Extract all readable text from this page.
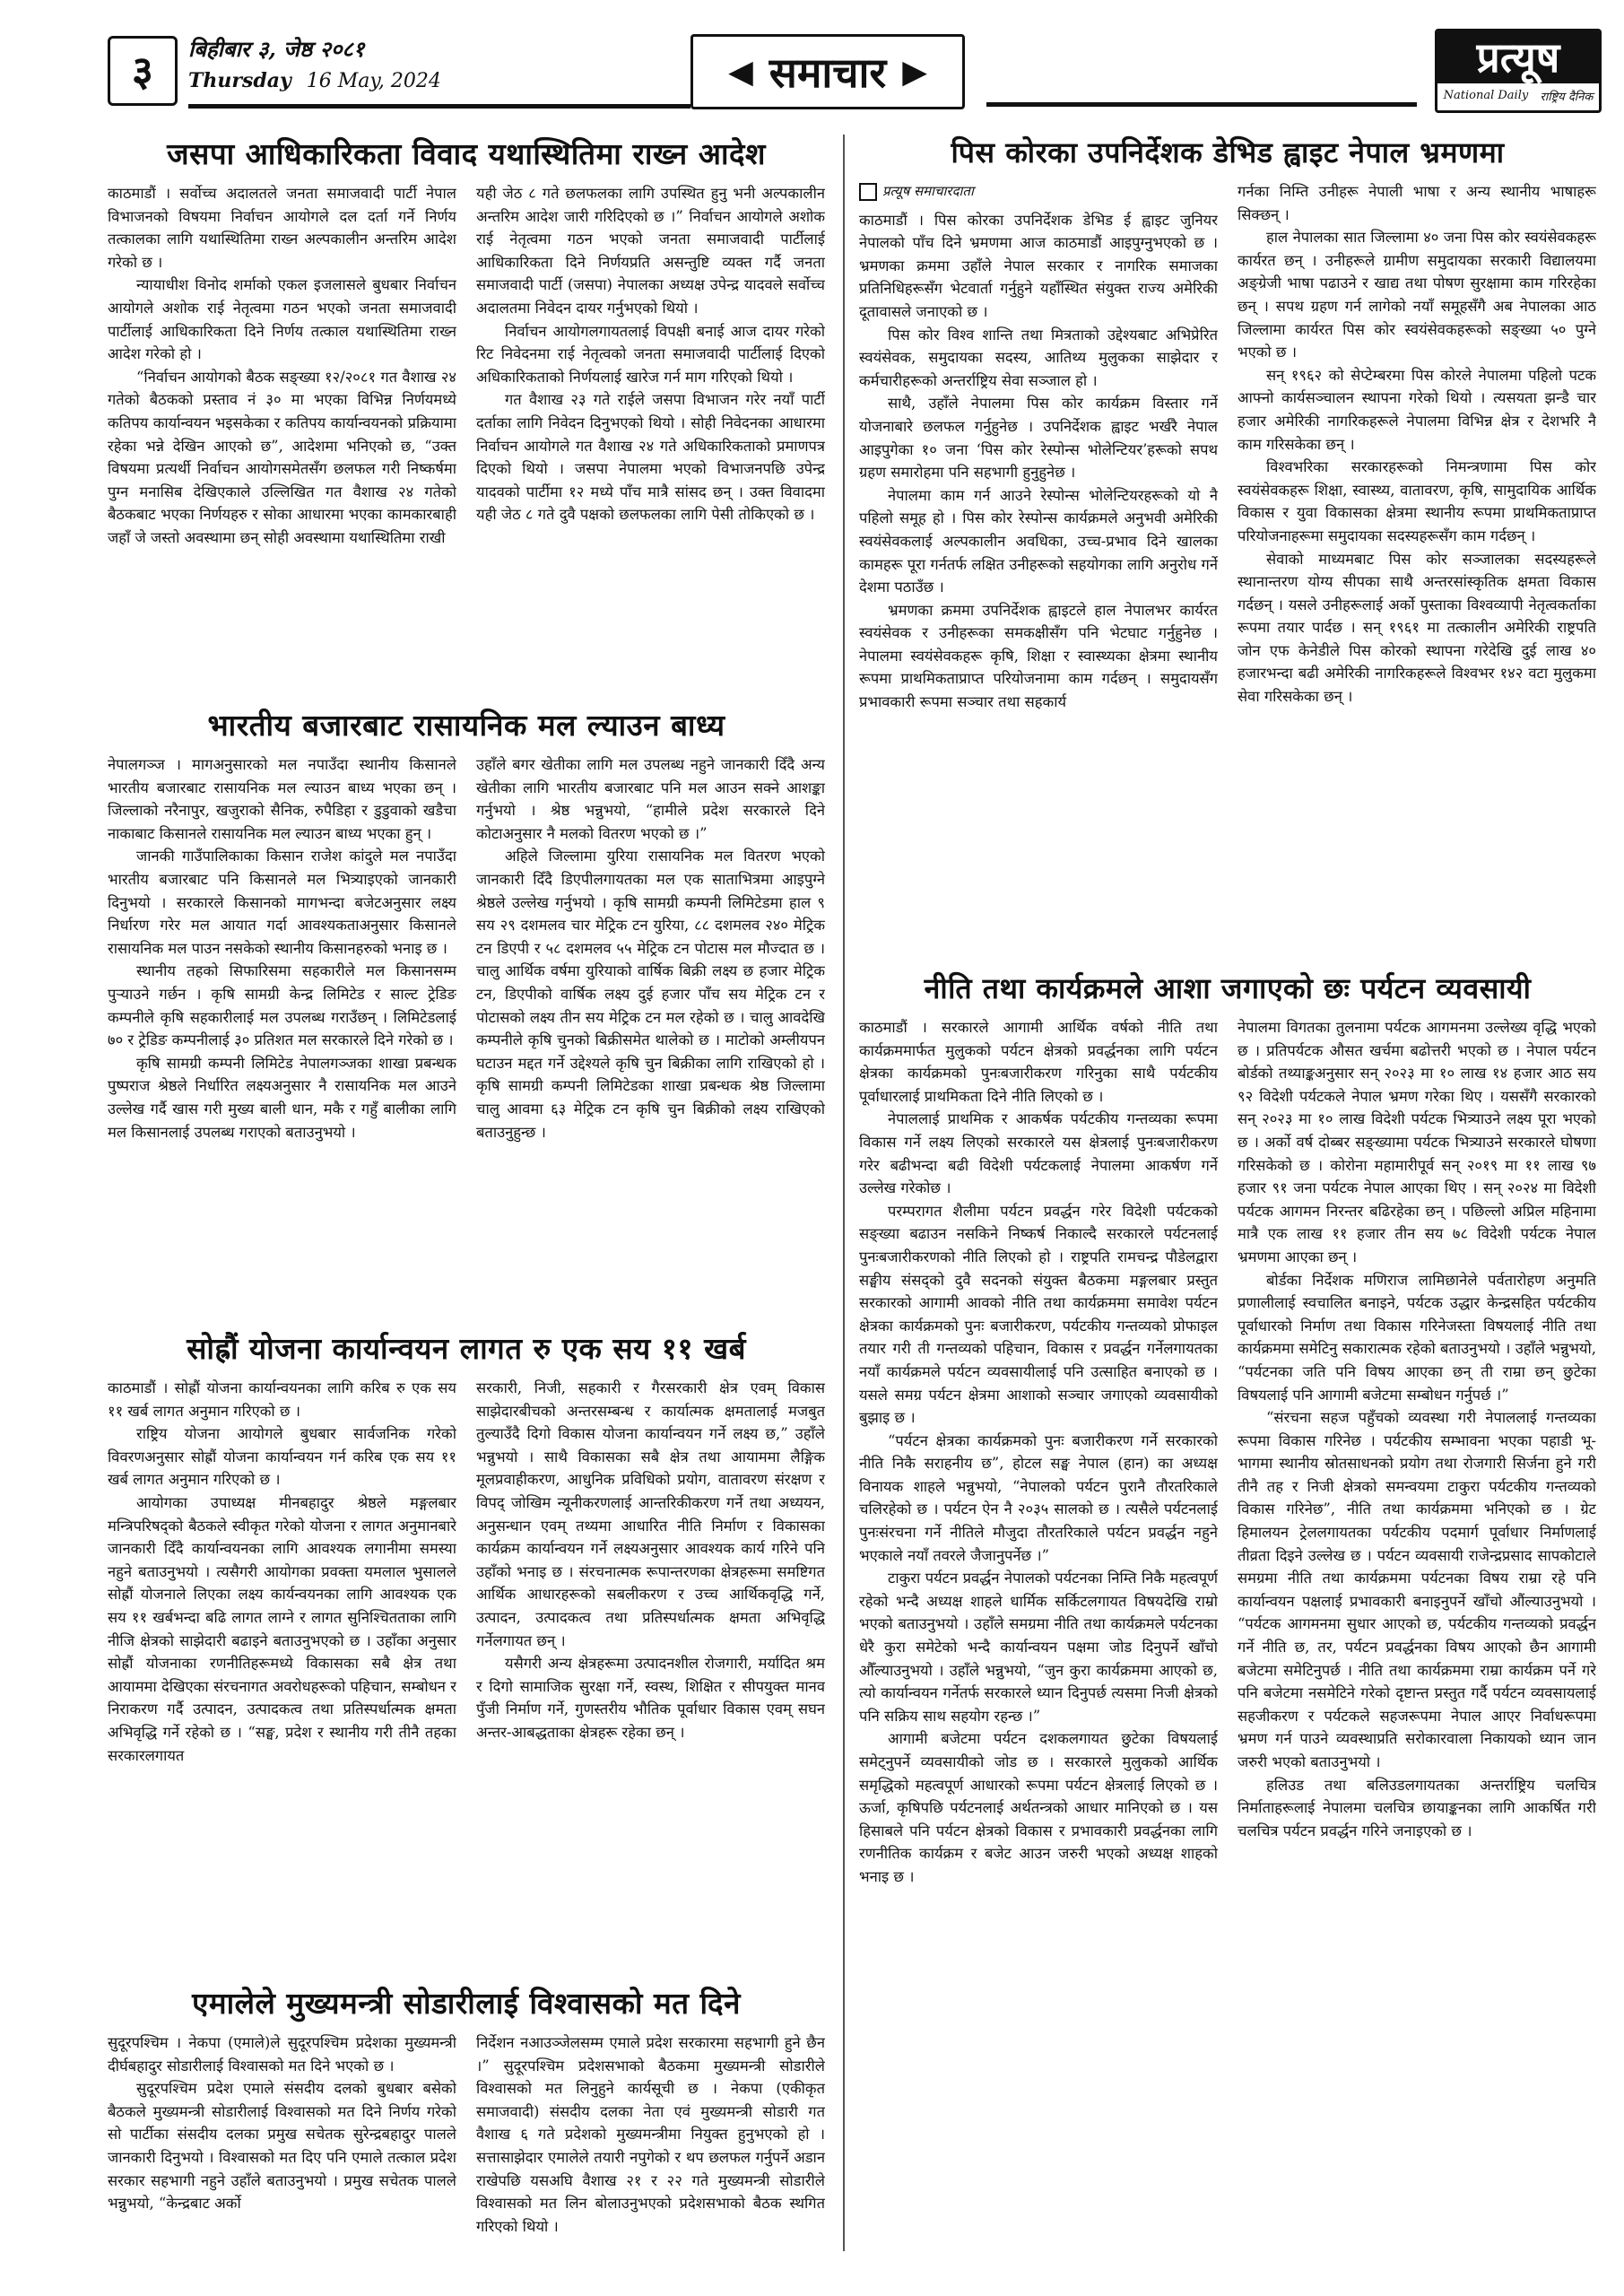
३	बिहीबार ३, जेष्ठ २०८१
Thursday 16 May, 2024	◀ समाचार ▶	प्रत्यूष
National Daily राष्ट्रिय दैनिक
जसपा आधिकारिकता विवाद यथास्थितिमा राख्न आदेश

काठमाडौं । सर्वोच्च अदालतले जनता समाजवादी पार्टी नेपाल विभाजनको विषयमा निर्वाचन आयोगले दल दर्ता गर्ने निर्णय तत्कालका लागि यथास्थितिमा राख्न अल्पकालीन अन्तरिम आदेश गरेको छ ।

न्यायाधीश विनोद शर्माको एकल इजलासले बुधबार निर्वाचन आयोगले अशोक राई नेतृत्वमा गठन भएको जनता समाजवादी पार्टीलाई आधिकारिकता दिने निर्णय तत्काल यथास्थितिमा राख्न आदेश गरेको हो ।

“निर्वाचन आयोगको बैठक सङ्ख्या १२/२०८१ गत वैशाख २४ गतेको बैठकको प्रस्ताव नं ३० मा भएका विभिन्न निर्णयमध्ये कतिपय कार्यान्वयन भइसकेका र कतिपय कार्यान्वयनको प्रक्रियामा रहेका भन्ने देखिन आएको छ”, आदेशमा भनिएको छ, “उक्त विषयमा प्रत्यर्थी निर्वाचन आयोगसमेतसँग छलफल गरी निष्कर्षमा पुग्न मनासिब देखिएकाले उल्लिखित गत वैशाख २४ गतेको बैठकबाट भएका निर्णयहरु र सोका आधारमा भएका कामकारबाही जहाँ जे जस्तो अवस्थामा छन् सोही अवस्थामा यथास्थितिमा राखी

यही जेठ ८ गते छलफलका लागि उपस्थित हुनु भनी अल्पकालीन अन्तरिम आदेश जारी गरिदिएको छ ।” निर्वाचन आयोगले अशोक राई नेतृत्वमा गठन भएको जनता समाजवादी पार्टीलाई आधिकारिकता दिने निर्णयप्रति असन्तुष्टि व्यक्त गर्दै जनता समाजवादी पार्टी (जसपा) नेपालका अध्यक्ष उपेन्द्र यादवले सर्वोच्च अदालतमा निवेदन दायर गर्नुभएको थियो ।

निर्वाचन आयोगलगायतलाई विपक्षी बनाई आज दायर गरेको रिट निवेदनमा राई नेतृत्वको जनता समाजवादी पार्टीलाई दिएको अधिकारिकताको निर्णयलाई खारेज गर्न माग गरिएको थियो ।

गत वैशाख २३ गते राईले जसपा विभाजन गरेर नयाँ पार्टी दर्ताका लागि निवेदन दिनुभएको थियो । सोही निवेदनका आधारमा निर्वाचन आयोगले गत वैशाख २४ गते अधिकारिकताको प्रमाणपत्र दिएको थियो । जसपा नेपालमा भएको विभाजनपछि उपेन्द्र यादवको पार्टीमा १२ मध्ये पाँच मात्रै सांसद छन् । उक्त विवादमा यही जेठ ८ गते दुवै पक्षको छलफलका लागि पेसी तोकिएको छ ।

भारतीय बजारबाट रासायनिक मल ल्याउन बाध्य

नेपालगञ्ज । मागअनुसारको मल नपाउँदा स्थानीय किसानले भारतीय बजारबाट रासायनिक मल ल्याउन बाध्य भएका छन् । जिल्लाको नरैनापुर, खजुराको सैनिक, रुपैडिहा र डुडुवाको खडैचा नाकाबाट किसानले रासायनिक मल ल्याउन बाध्य भएका हुन् ।

जानकी गाउँपालिकाका किसान राजेश कांदुले मल नपाउँदा भारतीय बजारबाट पनि किसानले मल भित्र्याइएको जानकारी दिनुभयो । सरकारले किसानको मागभन्दा बजेटअनुसार लक्ष्य निर्धारण गरेर मल आयात गर्दा आवश्यकताअनुसार किसानले रासायनिक मल पाउन नसकेको स्थानीय किसानहरुको भनाइ छ ।

स्थानीय तहको सिफारिसमा सहकारीले मल किसानसम्म पुऱ्याउने गर्छन । कृषि सामग्री केन्द्र लिमिटेड र साल्ट ट्रेडिङ कम्पनीले कृषि सहकारीलाई मल उपलब्ध गराउँछन् । लिमिटेडलाई ७० र ट्रेडिङ कम्पनीलाई ३० प्रतिशत मल सरकारले दिने गरेको छ ।

कृषि सामग्री कम्पनी लिमिटेड नेपालगञ्जका शाखा प्रबन्धक पुष्पराज श्रेष्ठले निर्धारित लक्ष्यअनुसार नै रासायनिक मल आउने उल्लेख गर्दै खास गरी मुख्य बाली धान, मकै र गहुँ बालीका लागि मल किसानलाई उपलब्ध गराएको बताउनुभयो ।

उहाँले बगर खेतीका लागि मल उपलब्ध नहुने जानकारी दिँदै अन्य खेतीका लागि भारतीय बजारबाट पनि मल आउन सक्ने आशङ्का गर्नुभयो । श्रेष्ठ भन्नुभयो, “हामीले प्रदेश सरकारले दिने कोटाअनुसार नै मलको वितरण भएको छ ।”

अहिले जिल्लामा युरिया रासायनिक मल वितरण भएको जानकारी दिँदै डिएपीलगायतका मल एक साताभित्रमा आइपुग्ने श्रेष्ठले उल्लेख गर्नुभयो । कृषि सामग्री कम्पनी लिमिटेडमा हाल ९ सय २९ दशमलव चार मेट्रिक टन युरिया, ८८ दशमलव २४० मेट्रिक टन डिएपी र ५८ दशमलव ५५ मेट्रिक टन पोटास मल मौज्दात छ । चालु आर्थिक वर्षमा युरियाको वार्षिक बिक्री लक्ष्य छ हजार मेट्रिक टन, डिएपीको वार्षिक लक्ष्य दुई हजार पाँच सय मेट्रिक टन र पोटासको लक्ष्य तीन सय मेट्रिक टन मल रहेको छ । चालु आवदेखि कम्पनीले कृषि चुनको बिक्रीसमेत थालेको छ । माटोको अम्लीयपन घटाउन मद्दत गर्ने उद्देश्यले कृषि चुन बिक्रीका लागि राखिएको हो । कृषि सामग्री कम्पनी लिमिटेडका शाखा प्रबन्धक श्रेष्ठ जिल्लामा चालु आवमा ६३ मेट्रिक टन कृषि चुन बिक्रीको लक्ष्य राखिएको बताउनुहुन्छ ।

सोह्रौं योजना कार्यान्वयन लागत रु एक सय ११ खर्ब

काठमाडौं । सोह्रौं योजना कार्यान्वयनका लागि करिब रु एक सय ११ खर्ब लागत अनुमान गरिएको छ ।

राष्ट्रिय योजना आयोगले बुधबार सार्वजनिक गरेको विवरणअनुसार सोह्रौं योजना कार्यान्वयन गर्न करिब एक सय ११ खर्ब लागत अनुमान गरिएको छ ।

आयोगका उपाध्यक्ष मीनबहादुर श्रेष्ठले मङ्गलबार मन्त्रिपरिषद्को बैठकले स्वीकृत गरेको योजना र लागत अनुमानबारे जानकारी दिँदै कार्यान्वयनका लागि आवश्यक लगानीमा समस्या नहुने बताउनुभयो । त्यसैगरी आयोगका प्रवक्ता यमलाल भुसालले सोह्रौं योजनाले लिएका लक्ष्य कार्यन्वयनका लागि आवश्यक एक सय ११ खर्बभन्दा बढि लागत लाग्ने र लागत सुनिश्चितताका लागि नीजि क्षेत्रको साझेदारी बढाइने बताउनुभएको छ । उहाँका अनुसार सोह्रौं योजनाका रणनीतिहरूमध्ये विकासका सबै क्षेत्र तथा आयाममा देखिएका संरचनागत अवरोधहरूको पहिचान, सम्बोधन र निराकरण गर्दै उत्पादन, उत्पादकत्व तथा प्रतिस्पर्धात्मक क्षमता अभिवृद्धि गर्ने रहेको छ । “सङ्घ, प्रदेश र स्थानीय गरी तीनै तहका सरकारलगायत

सरकारी, निजी, सहकारी र गैरसरकारी क्षेत्र एवम् विकास साझेदारबीचको अन्तरसम्बन्ध र कार्यात्मक क्षमतालाई मजबुत तुल्याउँदै दिगो विकास योजना कार्यान्वयन गर्ने लक्ष्य छ,” उहाँले भन्नुभयो । साथै विकासका सबै क्षेत्र तथा आयाममा लैङ्गिक मूलप्रवाहीकरण, आधुनिक प्रविधिको प्रयोग, वातावरण संरक्षण र विपद् जोखिम न्यूनीकरणलाई आन्तरिकीकरण गर्ने तथा अध्ययन, अनुसन्धान एवम् तथ्यमा आधारित नीति निर्माण र विकासका कार्यक्रम कार्यान्वयन गर्ने लक्ष्यअनुसार आवश्यक कार्य गरिने पनि उहाँको भनाइ छ । संरचनात्मक रूपान्तरणका क्षेत्रहरूमा समष्टिगत आर्थिक आधारहरूको सबलीकरण र उच्च आर्थिकवृद्धि गर्ने, उत्पादन, उत्पादकत्व तथा प्रतिस्पर्धात्मक क्षमता अभिवृद्धि गर्नेलगायत छन् ।

यसैगरी अन्य क्षेत्रहरूमा उत्पादनशील रोजगारी, मर्यादित श्रम र दिगो सामाजिक सुरक्षा गर्ने, स्वस्थ, शिक्षित र सीपयुक्त मानव पुँजी निर्माण गर्ने, गुणस्तरीय भौतिक पूर्वाधार विकास एवम् सघन अन्तर-आबद्धताका क्षेत्रहरू रहेका छन् ।

एमालेले मुख्यमन्त्री सोडारीलाई विश्वासको मत दिने

सुदूरपश्चिम । नेकपा (एमाले)ले सुदूरपश्चिम प्रदेशका मुख्यमन्त्री दीर्घबहादुर सोडारीलाई विश्वासको मत दिने भएको छ ।

सुदूरपश्चिम प्रदेश एमाले संसदीय दलको बुधबार बसेको बैठकले मुख्यमन्त्री सोडारीलाई विश्वासको मत दिने निर्णय गरेको सो पार्टीका संसदीय दलका प्रमुख सचेतक सुरेन्द्रबहादुर पालले जानकारी दिनुभयो । विश्वासको मत दिए पनि एमाले तत्काल प्रदेश सरकार सहभागी नहुने उहाँले बताउनुभयो । प्रमुख सचेतक पालले भन्नुभयो, “केन्द्रबाट अर्को

निर्देशन नआउञ्जेलसम्म एमाले प्रदेश सरकारमा सहभागी हुने छैन ।” सुदूरपश्चिम प्रदेशसभाको बैठकमा मुख्यमन्त्री सोडारीले विश्वासको मत लिनुहुने कार्यसूची छ । नेकपा (एकीकृत समाजवादी) संसदीय दलका नेता एवं मुख्यमन्त्री सोडारी गत वैशाख ६ गते प्रदेशको मुख्यमन्त्रीमा नियुक्त हुनुभएको हो । सत्तासाझेदार एमालेले तयारी नपुगेको र थप छलफल गर्नुपर्ने अडान राखेपछि यसअघि वैशाख २१ र २२ गते मुख्यमन्त्री सोडारीले विश्वासको मत लिन बोलाउनुभएको प्रदेशसभाको बैठक स्थगित गरिएको थियो ।

पिस कोरका उपनिर्देशक डेभिड ह्वाइट नेपाल भ्रमणमा
प्रत्यूष समाचारदाता

काठमाडौं । पिस कोरका उपनिर्देशक डेभिड ई ह्वाइट जुनियर नेपालको पाँच दिने भ्रमणमा आज काठमाडौं आइपुग्नुभएको छ । भ्रमणका क्रममा उहाँले नेपाल सरकार र नागरिक समाजका प्रतिनिधिहरूसँग भेटवार्ता गर्नुहुने यहाँस्थित संयुक्त राज्य अमेरिकी दूतावासले जनाएको छ ।

पिस कोर विश्व शान्ति तथा मित्रताको उद्देश्यबाट अभिप्रेरित स्वयंसेवक, समुदायका सदस्य, आतिथ्य मुलुकका साझेदार र कर्मचारीहरूको अन्तर्राष्ट्रिय सेवा सञ्जाल हो ।

साथै, उहाँले नेपालमा पिस कोर कार्यक्रम विस्तार गर्ने योजनाबारे छलफल गर्नुहुनेछ । उपनिर्देशक ह्वाइट भर्खरै नेपाल आइपुगेका १० जना ‘पिस कोर रेस्पोन्स भोलेन्टियर’हरूको सपथ ग्रहण समारोहमा पनि सहभागी हुनुहुनेछ ।

नेपालमा काम गर्न आउने रेस्पोन्स भोलेन्टियरहरूको यो नै पहिलो समूह हो । पिस कोर रेस्पोन्स कार्यक्रमले अनुभवी अमेरिकी स्वयंसेवकलाई अल्पकालीन अवधिका, उच्च-प्रभाव दिने खालका कामहरू पूरा गर्नतर्फ लक्षित उनीहरूको सहयोगका लागि अनुरोध गर्ने देशमा पठाउँछ ।

भ्रमणका क्रममा उपनिर्देशक ह्वाइटले हाल नेपालभर कार्यरत स्वयंसेवक र उनीहरूका समकक्षीसँग पनि भेटघाट गर्नुहुनेछ । नेपालमा स्वयंसेवकहरू कृषि, शिक्षा र स्वास्थ्यका क्षेत्रमा स्थानीय रूपमा प्राथमिकताप्राप्त परियोजनामा काम गर्दछन् । समुदायसँग प्रभावकारी रूपमा सञ्चार तथा सहकार्य

गर्नका निम्ति उनीहरू नेपाली भाषा र अन्य स्थानीय भाषाहरू सिक्छन् ।

हाल नेपालका सात जिल्लामा ४० जना पिस कोर स्वयंसेवकहरू कार्यरत छन् । उनीहरूले ग्रामीण समुदायका सरकारी विद्यालयमा अङ्ग्रेजी भाषा पढाउने र खाद्य तथा पोषण सुरक्षामा काम गरिरहेका छन् । सपथ ग्रहण गर्न लागेको नयाँ समूहसँगै अब नेपालका आठ जिल्लामा कार्यरत पिस कोर स्वयंसेवकहरूको सङ्ख्या ५० पुग्ने भएको छ ।

सन् १९६२ को सेप्टेम्बरमा पिस कोरले नेपालमा पहिलो पटक आफ्नो कार्यसञ्चालन स्थापना गरेको थियो । त्यसयता झन्डै चार हजार अमेरिकी नागरिकहरूले नेपालमा विभिन्न क्षेत्र र देशभरि नै काम गरिसकेका छन् ।

विश्वभरिका सरकारहरूको निमन्त्रणामा पिस कोर स्वयंसेवकहरू शिक्षा, स्वास्थ्य, वातावरण, कृषि, सामुदायिक आर्थिक विकास र युवा विकासका क्षेत्रमा स्थानीय रूपमा प्राथमिकताप्राप्त परियोजनाहरूमा समुदायका सदस्यहरूसँग काम गर्दछन् ।

सेवाको माध्यमबाट पिस कोर सञ्जालका सदस्यहरूले स्थानान्तरण योग्य सीपका साथै अन्तरसांस्कृतिक क्षमता विकास गर्दछन् । यसले उनीहरूलाई अर्को पुस्ताका विश्वव्यापी नेतृत्वकर्ताका रूपमा तयार पार्दछ । सन् १९६१ मा तत्कालीन अमेरिकी राष्ट्रपति जोन एफ केनेडीले पिस कोरको स्थापना गरेदेखि दुई लाख ४० हजारभन्दा बढी अमेरिकी नागरिकहरूले विश्वभर १४२ वटा मुलुकमा सेवा गरिसकेका छन् ।

नीति तथा कार्यक्रमले आशा जगाएको छः पर्यटन व्यवसायी

काठमाडौं । सरकारले आगामी आर्थिक वर्षको नीति तथा कार्यक्रममार्फत मुलुकको पर्यटन क्षेत्रको प्रवर्द्धनका लागि पर्यटन क्षेत्रका कार्यक्रमको पुनःबजारीकरण गरिनुका साथै पर्यटकीय पूर्वाधारलाई प्राथमिकता दिने नीति लिएको छ ।

नेपाललाई प्राथमिक र आकर्षक पर्यटकीय गन्तव्यका रूपमा विकास गर्ने लक्ष्य लिएको सरकारले यस क्षेत्रलाई पुनःबजारीकरण गरेर बढीभन्दा बढी विदेशी पर्यटकलाई नेपालमा आकर्षण गर्ने उल्लेख गरेकोछ ।

परम्परागत शैलीमा पर्यटन प्रवर्द्धन गरेर विदेशी पर्यटकको सङ्ख्या बढाउन नसकिने निष्कर्ष निकाल्दै सरकारले पर्यटनलाई पुनःबजारीकरणको नीति लिएको हो । राष्ट्रपति रामचन्द्र पौडेलद्वारा सङ्घीय संसद्को दुवै सदनको संयुक्त बैठकमा मङ्गलबार प्रस्तुत सरकारको आगामी आवको नीति तथा कार्यक्रममा समावेश पर्यटन क्षेत्रका कार्यक्रमको पुनः बजारीकरण, पर्यटकीय गन्तव्यको प्रोफाइल तयार गरी ती गन्तव्यको पहिचान, विकास र प्रवर्द्धन गर्नेलगायतका नयाँ कार्यक्रमले पर्यटन व्यवसायीलाई पनि उत्साहित बनाएको छ । यसले समग्र पर्यटन क्षेत्रमा आशाको सञ्चार जगाएको व्यवसायीको बुझाइ छ ।

“पर्यटन क्षेत्रका कार्यक्रमको पुनः बजारीकरण गर्ने सरकारको नीति निकै सराहनीय छ”, होटल सङ्घ नेपाल (हान) का अध्यक्ष विनायक शाहले भन्नुभयो, “नेपालको पर्यटन पुरानै तौरतरिकाले चलिरहेको छ । पर्यटन ऐन नै २०३५ सालको छ । त्यसैले पर्यटनलाई पुनःसंरचना गर्ने नीतिले मौजुदा तौरतरिकाले पर्यटन प्रवर्द्धन नहुने भएकाले नयाँ तवरले जैजानुपर्नेछ ।”

टाकुरा पर्यटन प्रवर्द्धन नेपालको पर्यटनका निम्ति निकै महत्वपूर्ण रहेको भन्दै अध्यक्ष शाहले धार्मिक सर्किटलगायत विषयदेखि राम्रो भएको बताउनुभयो । उहाँले समग्रमा नीति तथा कार्यक्रमले पर्यटनका धेरै कुरा समेटेको भन्दै कार्यान्वयन पक्षमा जोड दिनुपर्ने खाँचो औँल्याउनुभयो । उहाँले भन्नुभयो, “जुन कुरा कार्यक्रममा आएको छ, त्यो कार्यान्वयन गर्नेतर्फ सरकारले ध्यान दिनुपर्छ त्यसमा निजी क्षेत्रको पनि सक्रिय साथ सहयोग रहन्छ ।”

आगामी बजेटमा पर्यटन दशकलगायत छुटेका विषयलाई समेट्नुपर्ने व्यवसायीको जोड छ । सरकारले मुलुकको आर्थिक समृद्धिको महत्वपूर्ण आधारको रूपमा पर्यटन क्षेत्रलाई लिएको छ । ऊर्जा, कृषिपछि पर्यटनलाई अर्थतन्त्रको आधार मानिएको छ । यस हिसाबले पनि पर्यटन क्षेत्रको विकास र प्रभावकारी प्रवर्द्धनका लागि रणनीतिक कार्यक्रम र बजेट आउन जरुरी भएको अध्यक्ष शाहको भनाइ छ ।

नेपालमा विगतका तुलनामा पर्यटक आगमनमा उल्लेख्य वृद्धि भएको छ । प्रतिपर्यटक औसत खर्चमा बढोत्तरी भएको छ । नेपाल पर्यटन बोर्डको तथ्याङ्कअनुसार सन् २०२३ मा १० लाख १४ हजार आठ सय ९२ विदेशी पर्यटकले नेपाल भ्रमण गरेका थिए । यससँगै सरकारको सन् २०२३ मा १० लाख विदेशी पर्यटक भित्र्याउने लक्ष्य पूरा भएको छ । अर्को वर्ष दोब्बर सङ्ख्यामा पर्यटक भित्र्याउने सरकारले घोषणा गरिसकेको छ । कोरोना महामारीपूर्व सन् २०१९ मा ११ लाख ९७ हजार ९१ जना पर्यटक नेपाल आएका थिए । सन् २०२४ मा विदेशी पर्यटक आगमन निरन्तर बढिरहेका छन् । पछिल्लो अप्रिल महिनामा मात्रै एक लाख ११ हजार तीन सय ७८ विदेशी पर्यटक नेपाल भ्रमणमा आएका छन् ।

बोर्डका निर्देशक मणिराज लामिछानेले पर्वतारोहण अनुमति प्रणालीलाई स्वचालित बनाइने, पर्यटक उद्धार केन्द्रसहित पर्यटकीय पूर्वाधारको निर्माण तथा विकास गरिनेजस्ता विषयलाई नीति तथा कार्यक्रममा समेटिनु सकारात्मक रहेको बताउनुभयो । उहाँले भन्नुभयो, “पर्यटनका जति पनि विषय आएका छन् ती राम्रा छन् छुटेका विषयलाई पनि आगामी बजेटमा सम्बोधन गर्नुपर्छ ।”

“संरचना सहज पहुँचको व्यवस्था गरी नेपाललाई गन्तव्यका रूपमा विकास गरिनेछ । पर्यटकीय सम्भावना भएका पहाडी भू-भागमा स्थानीय स्रोतसाधनको प्रयोग तथा रोजगारी सिर्जना हुने गरी तीनै तह र निजी क्षेत्रको समन्वयमा टाकुरा पर्यटकीय गन्तव्यको विकास गरिनेछ”, नीति तथा कार्यक्रममा भनिएको छ । ग्रेट हिमालयन ट्रेललगायतका पर्यटकीय पदमार्ग पूर्वाधार निर्माणलाई तीव्रता दिइने उल्लेख छ । पर्यटन व्यवसायी राजेन्द्रप्रसाद सापकोटाले समग्रमा नीति तथा कार्यक्रममा पर्यटनका विषय राम्रा रहे पनि कार्यान्वयन पक्षलाई प्रभावकारी बनाइनुपर्ने खाँचो औंल्याउनुभयो । “पर्यटक आगमनमा सुधार आएको छ, पर्यटकीय गन्तव्यको प्रवर्द्धन गर्ने नीति छ, तर, पर्यटन प्रवर्द्धनका विषय आएको छैन आगामी बजेटमा समेटिनुपर्छ । नीति तथा कार्यक्रममा राम्रा कार्यक्रम पर्ने गरे पनि बजेटमा नसमेटिने गरेको दृष्टान्त प्रस्तुत गर्दै पर्यटन व्यवसायलाई सहजीकरण र पर्यटकले सहजरूपमा नेपाल आएर निर्वाधरूपमा भ्रमण गर्न पाउने व्यवस्थाप्रति सरोकारवाला निकायको ध्यान जान जरुरी भएको बताउनुभयो ।

हलिउड तथा बलिउडलगायतका अन्तर्राष्ट्रिय चलचित्र निर्माताहरूलाई नेपालमा चलचित्र छायाङ्कनका लागि आकर्षित गरी चलचित्र पर्यटन प्रवर्द्धन गरिने जनाइएको छ ।
